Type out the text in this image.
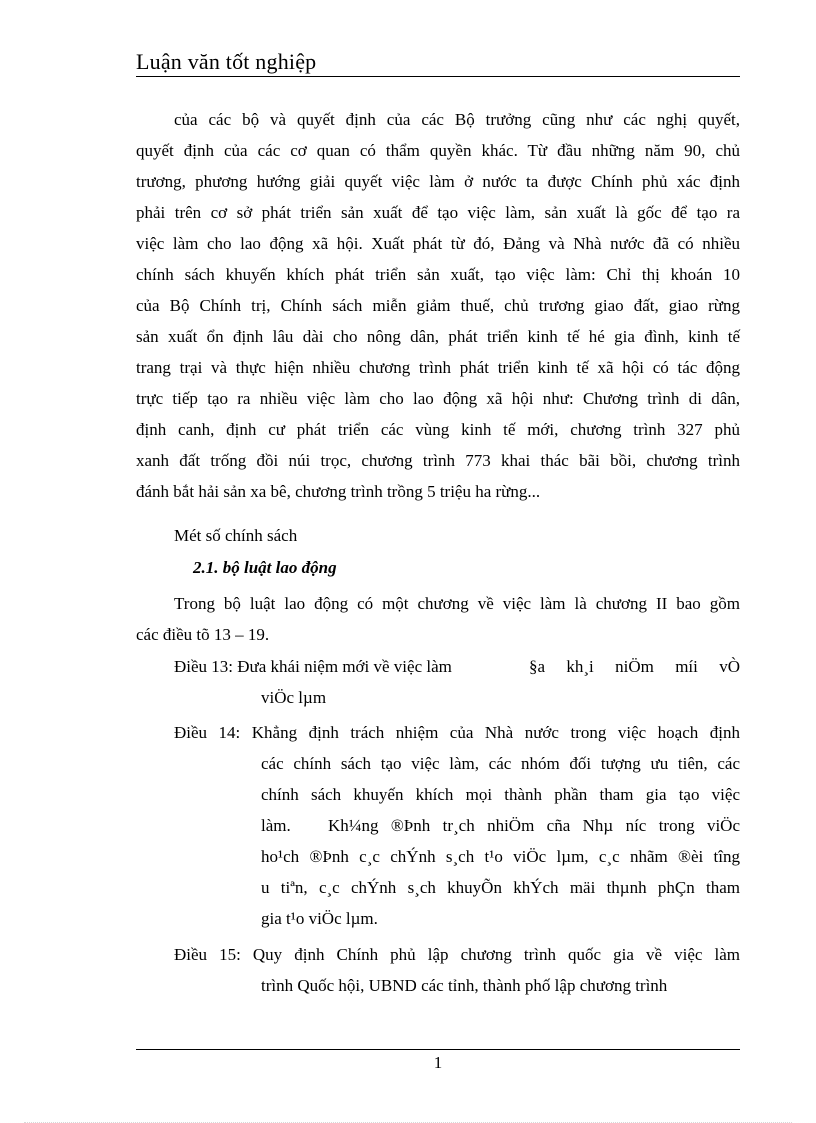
Luận văn tốt nghiệp
của các bộ và quyết định của các Bộ trưởng cũng như các nghị quyết,
quyết định của các cơ quan có thẩm quyền khác. Từ đầu những năm 90, chủ
trương, phương hướng giải quyết việc làm ở nước ta được Chính phủ xác định
phải trên cơ sở phát triển sản xuất để tạo việc làm, sản xuất là gốc để tạo ra
việc làm cho lao động xã hội. Xuất phát từ đó, Đảng và Nhà nước đã có nhiều
chính sách khuyến khích phát triển sản xuất, tạo việc làm: Chỉ thị khoán 10
của Bộ Chính trị, Chính sách miễn giảm thuế, chủ trương giao đất, giao rừng
sản xuất ổn định lâu dài cho nông dân, phát triển kinh tế hé gia đình, kinh tế
trang trại và thực hiện nhiều chương trình phát triển kinh tế xã hội có tác động
trực tiếp tạo ra nhiều việc làm cho lao động xã hội như: Chương trình di dân,
định canh, định cư phát triển các vùng kinh tế mới, chương trình 327 phủ
xanh đất trống đồi núi trọc, chương trình 773 khai thác bãi bồi, chương trình
đánh bắt hải sản xa bê, chương trình trồng 5 triệu ha rừng...
Mét số chính sách
2.1. bộ luật lao động
Trong bộ luật lao động có một chương về việc làm là chương II bao gồm
các điều tõ 13 – 19.
Điều 13: Đưa khái niệm mới về việc làm	§a kh¸i niÖm míi vÒ
viÖc lµm
Điều 14: Khẳng định trách nhiệm của Nhà nước trong việc hoạch định
các chính sách tạo việc làm, các nhóm đối tượng ưu tiên, các
chính sách khuyến khích mọi thành phần tham gia tạo việc
làm. Kh¼ng ®Þnh tr¸ch nhiÖm cña Nhµ níc trong viÖc
ho¹ch ®Þnh c¸c chÝnh s¸ch t¹o viÖc lµm, c¸c nhãm ®èi tîng
u tiªn, c¸c chÝnh s¸ch khuyÕn khÝch mäi thµnh phÇn tham
gia t¹o viÖc lµm.
Điều 15: Quy định Chính phủ lập chương trình quốc gia về việc làm
trình Quốc hội, UBND các tỉnh, thành phố lập chương trình
1
